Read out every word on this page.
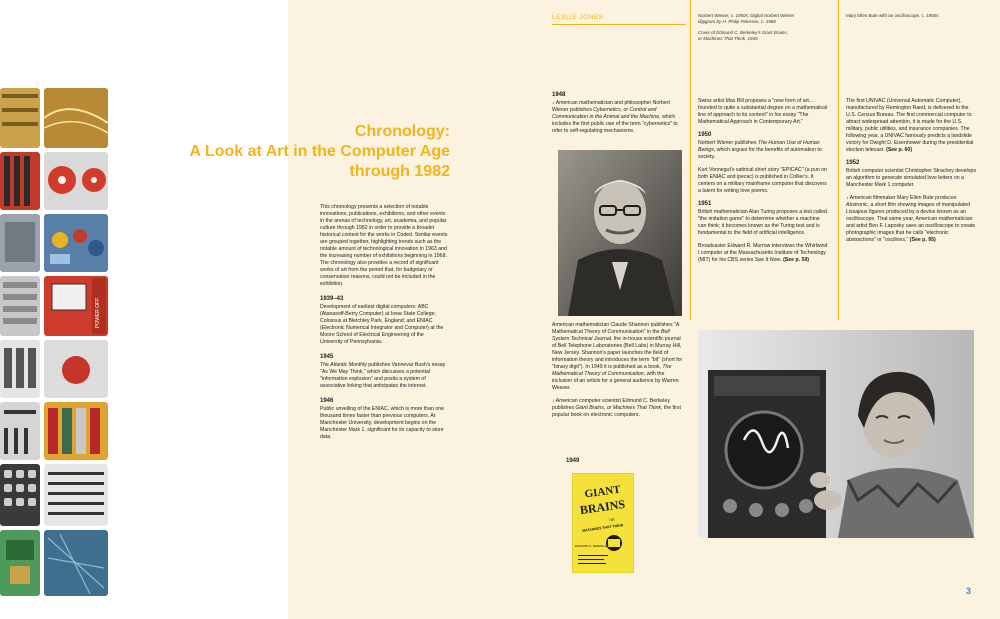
POWER OFF
Chronology:
A Look at Art in the Computer Age
through 1982

This chronology presents a selection of notable innovations, publications, exhibitions, and other events in the arenas of technology, art, academia, and popular culture through 1982 in order to provide a broader historical context for the works in Coded. Similar events are grouped together, highlighting trends such as the notable amount of technological innovation in 1963 and the increasing number of exhibitions beginning in 1968. The chronology also provides a record of significant works of art from the period that, for budgetary or conservation reasons, could not be included in the exhibition.

1939–43
Development of earliest digital computers: ABC (Atanasoff-Berry Computer) at Iowa State College; Colossus at Bletchley Park, England; and ENIAC (Electronic Numerical Integrator and Computer) at the Moore School of Electrical Engineering of the University of Pennsylvania.

1945
The Atlantic Monthly publishes Vannevar Bush's essay "As We May Think," which discusses a potential "information explosion" and posits a system of associative linking that anticipates the internet.

1946
Public unveiling of the ENIAC, which is more than one thousand times faster than previous computers. At Manchester University, development begins on the Manchester Mark 1, significant for its capacity to store data.

LESLIE JONES	Norbert Wiener, c. 1950s; Digital Norbert Wiener
digigram by H. Philip Peterson, c. 1968
Cover of Edmund C. Berkeley's Giant Brains,
or Machines That Think, 1949
Mary Ellen Bute with an oscilloscope, c. 1950s

1948
↓ American mathematician and philosopher Norbert Wiener publishes Cybernetics, or Control and Communication in the Animal and the Machine, which includes the first public use of the term "cybernetics" to refer to self-regulating mechanisms.

American mathematician Claude Shannon publishes "A Mathematical Theory of Communication" in the Bell System Technical Journal, the in-house scientific journal of Bell Telephone Laboratories (Bell Labs) in Murray Hill, New Jersey. Shannon's paper launches the field of information theory and introduces the term "bit" (short for "binary digit"). In 1949 it is published as a book, The Mathematical Theory of Communication, with the inclusion of an article for a general audience by Warren Weaver.

↓ American computer scientist Edmund C. Berkeley publishes Giant Brains, or Machines That Think, the first popular book on electronic computers.

GIANT
BRAINS
OR
MACHINES THAT THINK
EDMUND C. BERKELEY
1949

Swiss artist Max Bill proposes a "new form of art…founded to quite a substantial degree on a mathematical line of approach to its content" in his essay "The Mathematical Approach in Contemporary Art."

1950
Norbert Wiener publishes The Human Use of Human Beings, which argues for the benefits of automation to society.

Kurt Vonnegut's satirical short story "EPICAC" (a pun on both ENIAC and ipecac) is published in Collier's. It centers on a military mainframe computer that discovers a talent for writing love poems.

1951
British mathematician Alan Turing proposes a test called "the imitation game" to determine whether a machine can think; it becomes known as the Turing test and is fundamental to the field of artificial intelligence.

Broadcaster Edward R. Murrow interviews the Whirlwind I computer at the Massachusetts Institute of Technology (MIT) for his CBS series See It Now. (See p. 59)

The first UNIVAC (Universal Automatic Computer), manufactured by Remington Rand, is delivered to the U.S. Census Bureau. The first commercial computer to attract widespread attention, it is made for the U.S. military, public utilities, and insurance companies. The following year, a UNIVAC famously predicts a landslide victory for Dwight D. Eisenhower during the presidential election telecast. (See p. 60)

1952
British computer scientist Christopher Strachey develops an algorithm to generate simulated love letters on a Manchester Mark 1 computer.

↓ American filmmaker Mary Ellen Bute produces Abstronic, a short film showing images of manipulated Lissajous figures produced by a device known as an oscilloscope. That same year, American mathematician and artist Ben F. Laposky uses an oscilloscope to create photographic images that he calls "electronic abstractions" or "oscillons." (See p. 95)

3
